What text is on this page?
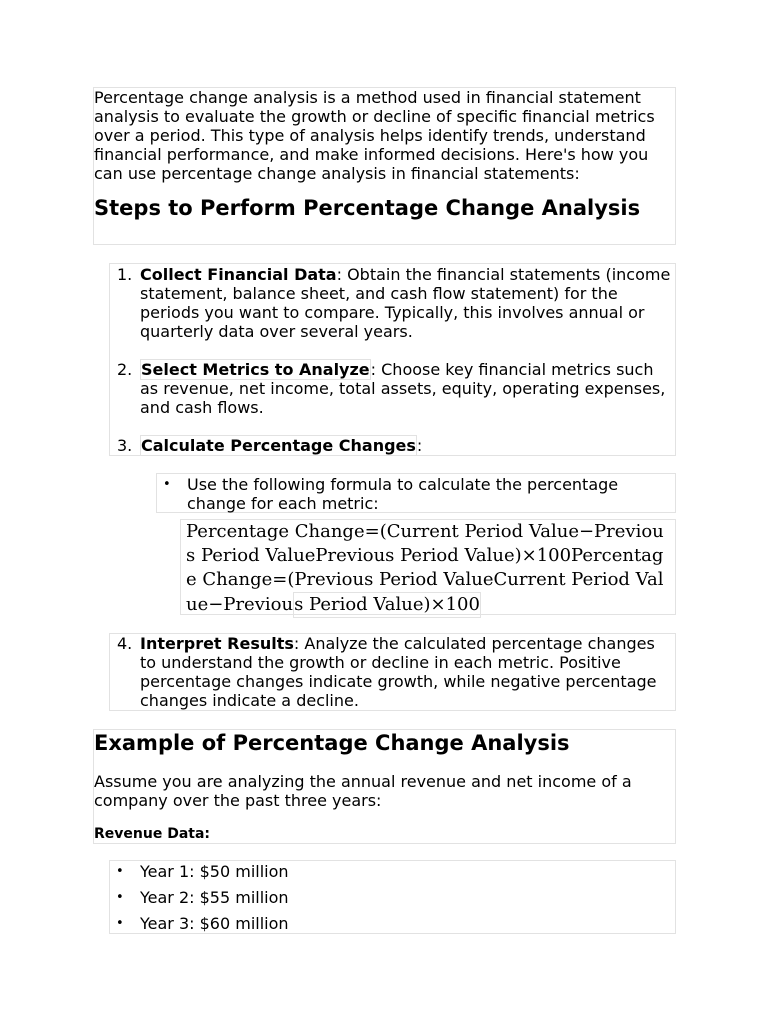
Percentage change analysis is a method used in financial statement analysis to evaluate the growth or decline of specific financial metrics over a period. This type of analysis helps identify trends, understand financial performance, and make informed decisions. Here's how you can use percentage change analysis in financial statements:

Steps to Perform Percentage Change Analysis
1. Collect Financial Data: Obtain the financial statements (income statement, balance sheet, and cash flow statement) for the periods you want to compare. Typically, this involves annual or quarterly data over several years.
2. Select Metrics to Analyze: Choose key financial metrics such as revenue, net income, total assets, equity, operating expenses, and cash flows.
3. Calculate Percentage Changes:
• Use the following formula to calculate the percentage change for each metric:

Percentage Change=(Current Period Value−Previous Period ValuePrevious Period Value)×100Percentage Change=(Previous Period ValueCurrent Period Value−Previous Period Value)×100

4. Interpret Results: Analyze the calculated percentage changes to understand the growth or decline in each metric. Positive percentage changes indicate growth, while negative percentage changes indicate a decline.
Example of Percentage Change Analysis

Assume you are analyzing the annual revenue and net income of a company over the past three years:

Revenue Data:

• Year 1: $50 million
• Year 2: $55 million
• Year 3: $60 million
